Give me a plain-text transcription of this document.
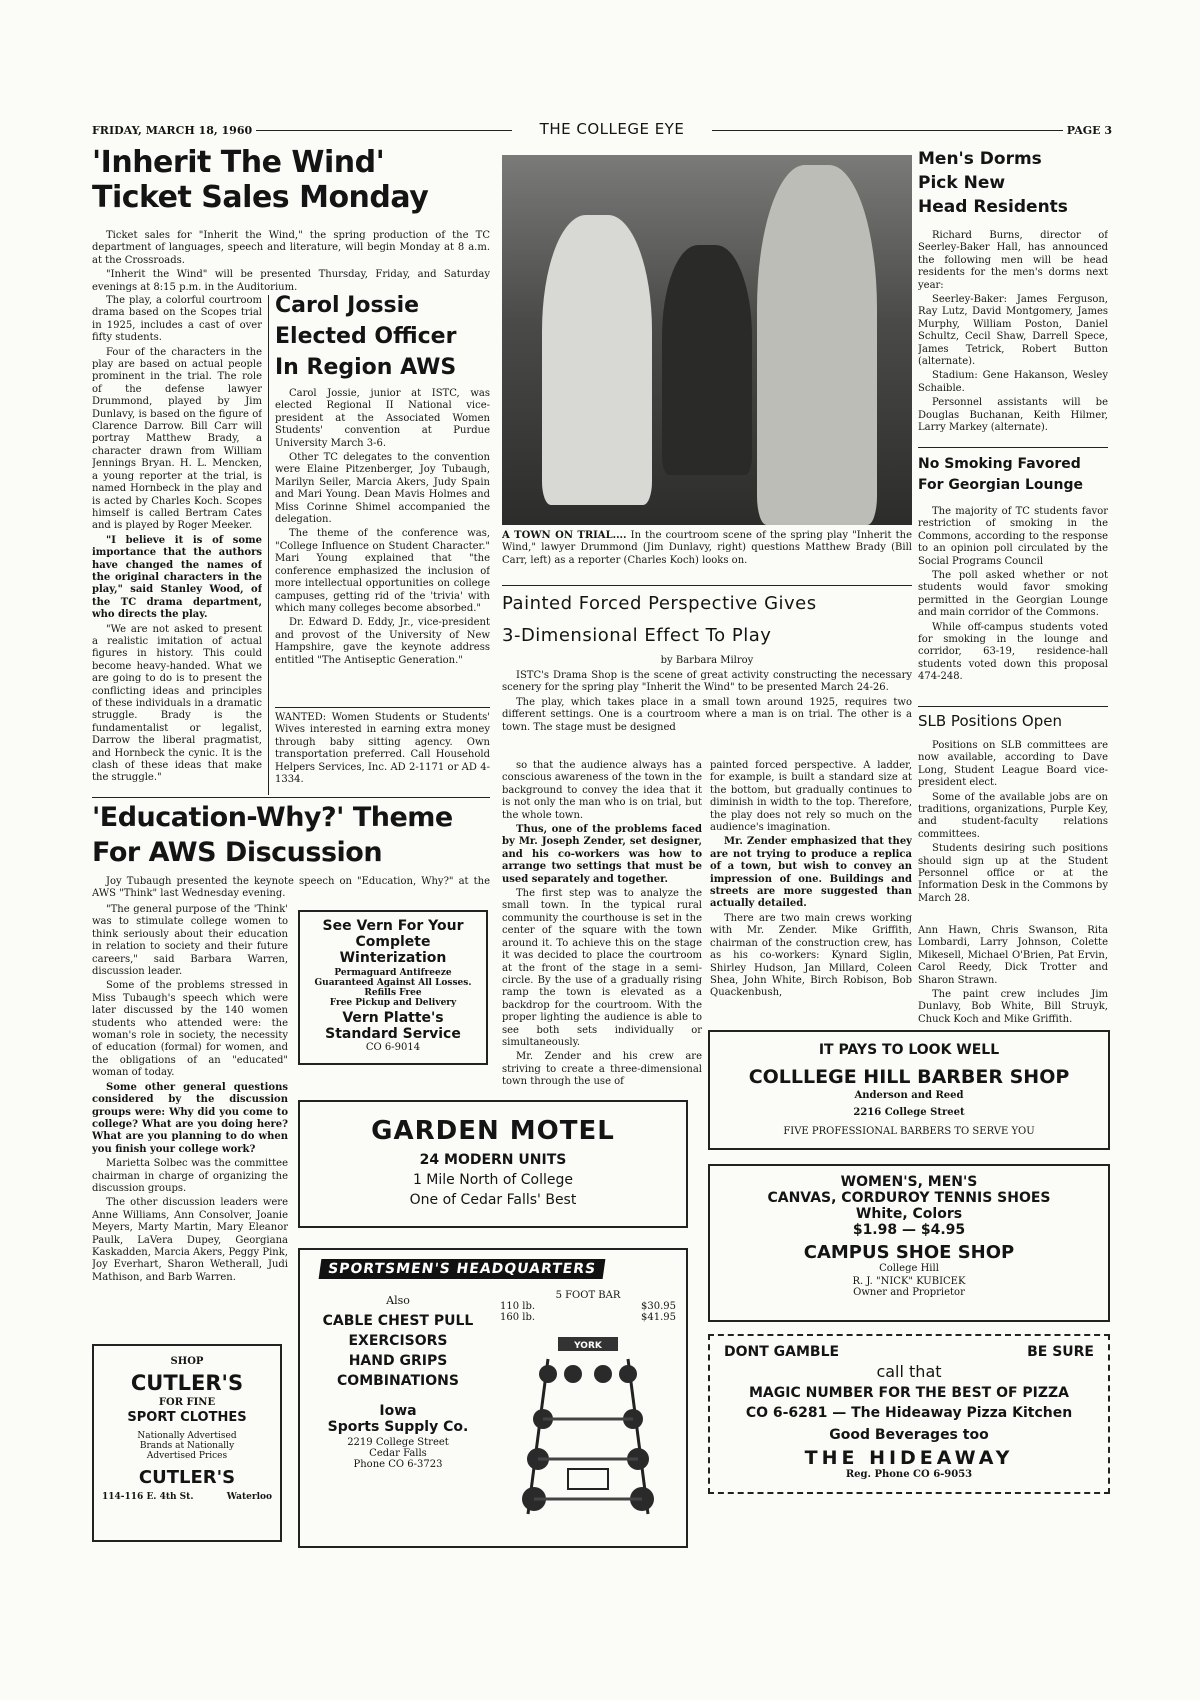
FRIDAY, MARCH 18, 1960	THE COLLEGE EYE	PAGE 3
'Inherit The Wind'
Ticket Sales Monday

Ticket sales for "Inherit the Wind," the spring production of the TC department of languages, speech and literature, will begin Monday at 8 a.m. at the Crossroads.

"Inherit the Wind" will be presented Thursday, Friday, and Saturday evenings at 8:15 p.m. in the Auditorium.

The play, a colorful courtroom drama based on the Scopes trial in 1925, includes a cast of over fifty students.

Four of the characters in the play are based on actual people prominent in the trial. The role of the defense lawyer Drummond, played by Jim Dunlavy, is based on the figure of Clarence Darrow. Bill Carr will portray Matthew Brady, a character drawn from William Jennings Bryan. H. L. Mencken, a young reporter at the trial, is named Hornbeck in the play and is acted by Charles Koch. Scopes himself is called Bertram Cates and is played by Roger Meeker.

"I believe it is of some importance that the authors have changed the names of the original characters in the play," said Stanley Wood, of the TC drama department, who directs the play.

"We are not asked to present a realistic imitation of actual figures in history. This could become heavy-handed. What we are going to do is to present the conflicting ideas and principles of these individuals in a dramatic struggle. Brady is the fundamentalist or legalist, Darrow the liberal pragmatist, and Hornbeck the cynic. It is the clash of these ideas that make the struggle."

Carol Jossie
Elected Officer
In Region AWS

Carol Jossie, junior at ISTC, was elected Regional II National vice-president at the Associated Women Students' convention at Purdue University March 3-6.

Other TC delegates to the convention were Elaine Pitzenberger, Joy Tubaugh, Marilyn Seiler, Marcia Akers, Judy Spain and Mari Young. Dean Mavis Holmes and Miss Corinne Shimel accompanied the delegation.

The theme of the conference was, "College Influence on Student Character." Mari Young explained that "the conference emphasized the inclusion of more intellectual opportunities on college campuses, getting rid of the 'trivia' with which many colleges become absorbed."

Dr. Edward D. Eddy, Jr., vice-president and provost of the University of New Hampshire, gave the keynote address entitled "The Antiseptic Generation."

WANTED: Women Students or Students' Wives interested in earning extra money through baby sitting agency. Own transportation preferred. Call Household Helpers Services, Inc. AD 2-1171 or AD 4-1334.
A TOWN ON TRIAL.... In the courtroom scene of the spring play "Inherit the Wind," lawyer Drummond (Jim Dunlavy, right) questions Matthew Brady (Bill Carr, left) as a reporter (Charles Koch) looks on.
Painted Forced Perspective Gives
3-Dimensional Effect To Play
by Barbara Milroy

ISTC's Drama Shop is the scene of great activity constructing the necessary scenery for the spring play "Inherit the Wind" to be presented March 24-26.

The play, which takes place in a small town around 1925, requires two different settings. One is a courtroom where a man is on trial. The other is a town. The stage must be designed

so that the audience always has a conscious awareness of the town in the background to convey the idea that it is not only the man who is on trial, but the whole town.

Thus, one of the problems faced by Mr. Joseph Zender, set designer, and his co-workers was how to arrange two settings that must be used separately and together.

The first step was to analyze the small town. In the typical rural community the courthouse is set in the center of the square with the town around it. To achieve this on the stage it was decided to place the courtroom at the front of the stage in a semi-circle. By the use of a gradually rising ramp the town is elevated as a backdrop for the courtroom. With the proper lighting the audience is able to see both sets individually or simultaneously.

Mr. Zender and his crew are striving to create a three-dimensional town through the use of

painted forced perspective. A ladder, for example, is built a standard size at the bottom, but gradually continues to diminish in width to the top. Therefore, the play does not rely so much on the audience's imagination.

Mr. Zender emphasized that they are not trying to produce a replica of a town, but wish to convey an impression of one. Buildings and streets are more suggested than actually detailed.

There are two main crews working with Mr. Zender. Mike Griffith, chairman of the construction crew, has as his co-workers: Kynard Siglin, Shirley Hudson, Jan Millard, Coleen Shea, John White, Birch Robison, Bob Quackenbush,

Men's Dorms
Pick New
Head Residents

Richard Burns, director of Seerley-Baker Hall, has announced the following men will be head residents for the men's dorms next year:

Seerley-Baker: James Ferguson, Ray Lutz, David Montgomery, James Murphy, William Poston, Daniel Schultz, Cecil Shaw, Darrell Spece, James Tetrick, Robert Button (alternate).

Stadium: Gene Hakanson, Wesley Schaible.

Personnel assistants will be Douglas Buchanan, Keith Hilmer, Larry Markey (alternate).

No Smoking Favored
For Georgian Lounge

The majority of TC students favor restriction of smoking in the Commons, according to the response to an opinion poll circulated by the Social Programs Council

The poll asked whether or not students would favor smoking permitted in the Georgian Lounge and main corridor of the Commons.

While off-campus students voted for smoking in the lounge and corridor, 63-19, residence-hall students voted down this proposal 474-248.

SLB Positions Open

Positions on SLB committees are now available, according to Dave Long, Student League Board vice-president elect.

Some of the available jobs are on traditions, organizations, Purple Key, and student-faculty relations committees.

Students desiring such positions should sign up at the Student Personnel office or at the Information Desk in the Commons by March 28.

Ann Hawn, Chris Swanson, Rita Lombardi, Larry Johnson, Colette Mikesell, Michael O'Brien, Pat Ervin, Carol Reedy, Dick Trotter and Sharon Strawn.

The paint crew includes Jim Dunlavy, Bob White, Bill Struyk, Chuck Koch and Mike Griffith.

'Education-Why?' Theme
For AWS Discussion

Joy Tubaugh presented the keynote speech on "Education, Why?" at the AWS "Think" last Wednesday evening.

"The general purpose of the 'Think' was to stimulate college women to think seriously about their education in relation to society and their future careers," said Barbara Warren, discussion leader.

Some of the problems stressed in Miss Tubaugh's speech which were later discussed by the 140 women students who attended were: the woman's role in society, the necessity of education (formal) for women, and the obligations of an "educated" woman of today.

Some other general questions considered by the discussion groups were: Why did you come to college? What are you doing here? What are you planning to do when you finish your college work?

Marietta Solbec was the committee chairman in charge of organizing the discussion groups.

The other discussion leaders were Anne Williams, Ann Consolver, Joanie Meyers, Marty Martin, Mary Eleanor Paulk, LaVera Dupey, Georgiana Kaskadden, Marcia Akers, Peggy Pink, Joy Everhart, Sharon Wetherall, Judi Mathison, and Barb Warren.

See Vern For Your
Complete
Winterization
Permaguard Antifreeze
Guaranteed Against All Losses.
Refills Free
Free Pickup and Delivery
Vern Platte's
Standard Service
CO 6-9014
GARDEN MOTEL
24 MODERN UNITS
1 Mile North of College
One of Cedar Falls' Best
IT PAYS TO LOOK WELL
COLLLEGE HILL BARBER SHOP
Anderson and Reed
2216 College Street
FIVE PROFESSIONAL BARBERS TO SERVE YOU
WOMEN'S, MEN'S
CANVAS, CORDUROY TENNIS SHOES
White, Colors
$1.98 — $4.95
CAMPUS SHOE SHOP
College Hill
R. J. "NICK" KUBICEK
Owner and Proprietor
SHOP
CUTLER'S
FOR FINE
SPORT CLOTHES
Nationally Advertised
Brands at Nationally
Advertised Prices
CUTLER'S
114-116 E. 4th St.	Waterloo
SPORTSMEN'S HEADQUARTERS
Also
CABLE CHEST PULL
EXERCISORS
HAND GRIPS
COMBINATIONS
Iowa
Sports Supply Co.
2219 College Street
Cedar Falls
Phone CO 6-3723
5 FOOT BAR
110 lb.	$30.95
160 lb.	$41.95
YORK	DONT GAMBLE	BE SURE
call that
MAGIC NUMBER FOR THE BEST OF PIZZA
CO 6-6281 — The Hideaway Pizza Kitchen
Good Beverages too
THE HIDEAWAY
Reg. Phone CO 6-9053
